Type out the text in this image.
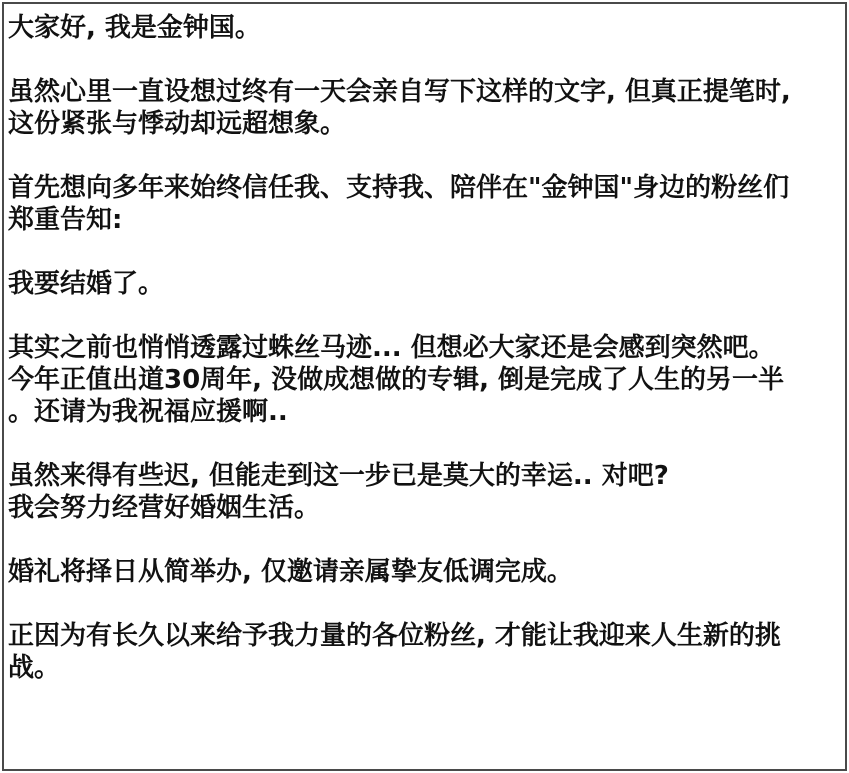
大家好, 我是金钟国。
虽然心里一直设想过终有一天会亲自写下这样的文字, 但真正提笔时,
这份紧张与悸动却远超想象。
首先想向多年来始终信任我、支持我、陪伴在"金钟国"身边的粉丝们
郑重告知:
我要结婚了。
其实之前也悄悄透露过蛛丝马迹... 但想必大家还是会感到突然吧。
今年正值出道30周年, 没做成想做的专辑, 倒是完成了人生的另一半
。还请为我祝福应援啊..
虽然来得有些迟, 但能走到这一步已是莫大的幸运.. 对吧?
我会努力经营好婚姻生活。
婚礼将择日从简举办, 仅邀请亲属挚友低调完成。
正因为有长久以来给予我力量的各位粉丝, 才能让我迎来人生新的挑
战。
